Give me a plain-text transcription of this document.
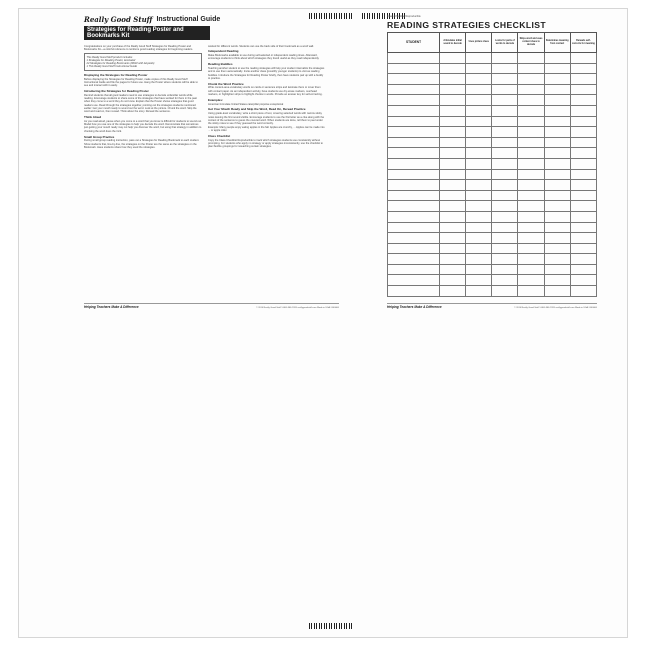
Really Good Stuff Instructional Guide
Strategies for Reading Poster and Bookmarks Kit

Congratulations on your purchase of the Really Good Stuff Strategies for Reading Poster and Bookmarks Kit—a colorful reference to reinforce good reading strategies for beginning readers.

This Really Good Stuff product includes:
1 Strategies for Reading Poster, laminated
24 Strategies for Reading Bookmarks (000/2 with lanyards)
1 This Really Good Stuff Instructional Guide
Displaying the Strategies for Reading Poster

Before displaying the Strategies for Reading Poster, make copies of this Really Good Stuff Instructional Guide and file the pages for future use. Hang the Poster where students will be able to see and interact with it easily.

Introducing the Strategies for Reading Poster

Remind students that all good readers need to use strategies to decode unfamiliar words while reading. Encourage students to share some of the strategies that have worked for them in the past when they come to a word they do not know. Explain that the Poster shows strategies that good readers use. Read through the strategies together, pointing out the strategies students mentioned earlier: Get your mouth ready to sound out the word. Look at the picture. Chunk the word. Skip the word and read on, then reread. Think about the story. Reread the sentence.

Think Aloud

As you read aloud, pause when you come to a word that you know is difficult for students to sound out. Model how you use one of the strategies to help you decode the word. Demonstrate that sometimes just getting your mouth ready may not help you discover the word, but using that strategy in addition to chunking the word does the trick.

Small Group Practice

During small group reading instruction, pass out a Strategies for Reading Bookmark to each student. Show students that, line-by-line, the strategies on the Poster are the same as the strategies on the Bookmark. Have students share how they used the strategies.

worked for different words. Students can use the back side of their bookmark as a word wall.

Independent Reading

Make Bookmarks available to use during self-selected or independent reading times. Afterward, encourage students to think about which strategies they found useful as they read independently.

Reading Buddies

Teaching another student to use the reading strategies will help your student internalize the strategies and to use them automatically. Invite another class (possibly younger students) to visit as reading buddies. Introduce the Strategies for Reading Poster briefly, then have students pair up with a buddy to practice.

Chunk the Word Practice

Write content-area vocabulary words on cards or sentence strips and laminate them or cover them with contact paper. As an independent activity, have students use dry-erase markers, overhead markers, or highlighter strips to highlight chunks in words. Provide an answer key for self-correcting.

Examples:

American formulate United States caterpillar porpoise exceptional

Get Your Mouth Ready and Skip the Word, Read On, Reread Practice

Using grade-level vocabulary, write a short piece of text, covering selected words with narrow sticky notes leaving the first sound visible. Encourage students to use the first letter as a clue along with the context of the sentence to guess the covered word. When students are done, tell them to peel under the sticky notes to see if they guessed the word correctly.

Example: Many people enjoy eating apples in the fall. Apples are crunchy, ... Apples can be made into ... or apple cider.

Class Checklist

Copy the Class Checklist Reproducible to track which strategies students use consistently without prompting. For students who apply no strategy or apply strategies inconsistently, use the checklist to plan flexible groupings for reteaching certain strategies.

Helping Teachers Make A Difference	© 2010 Really Good Stuff 1-800-366-1920 reallygoodstuff.com Made in USA #000000
Class Checklist Reproducible
READING STRATEGIES CHECKLIST
STUDENT	Articulates initial sound to decode	Uses picture clues	Looks for parts of words to decode	Skips word and uses context clues to decode	Determines meaning from context	Rereads self-corrects for meaning

Helping Teachers Make A Difference	© 2010 Really Good Stuff 1-800-366-1920 reallygoodstuff.com Made in USA #000000
